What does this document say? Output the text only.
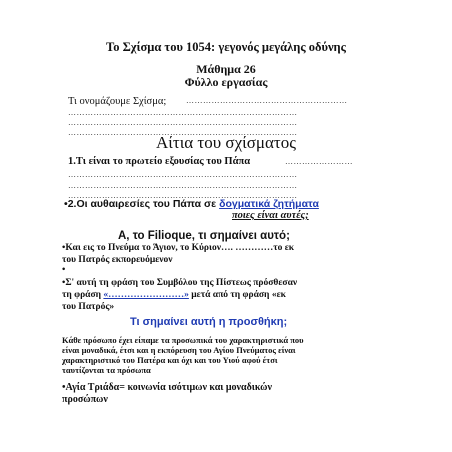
Το Σχίσμα του 1054: γεγονός μεγάλης οδύνης
Μάθημα 26
Φύλλο εργασίας
Τι ονομάζουμε Σχίσμα; …………………………………………………
………………………………………………………………………
………………………………………………………………………
………………………………………………………………………
Αίτια του σχίσματος
1.Τι είναι το πρωτείο εξουσίας του Πάπα	……………………
………………………………………………………………………
………………………………………………………………………
………………………………………………………………………
•2.Οι αυθαιρεσίες του Πάπα σε δογματικά ζητήματα
ποιες είναι αυτές;
Α, το Filioque, τι σημαίνει αυτό;
•Και εις το Πνεύμα το Άγιον, το Κύριον…. …………το εκ
του Πατρός εκπορευόμενον
•
•Σ' αυτή τη φράση του Συμβόλου της Πίστεως πρόσθεσαν
τη φράση «……………………» μετά από τη φράση «εκ
του Πατρός»
Τι σημαίνει αυτή η προσθήκη;
Κάθε πρόσωπο έχει είπαμε τα προσωπικά του χαρακτηριστικά που
είναι μοναδικά, έτσι και η εκπόρευση του Αγίου Πνεύματος είναι
χαρακτηριστικό του Πατέρα και όχι και του Υιού αφού έτσι
ταυτίζονται τα πρόσωπα
•Αγία Τριάδα= κοινωνία ισότιμων και μοναδικών
προσώπων
